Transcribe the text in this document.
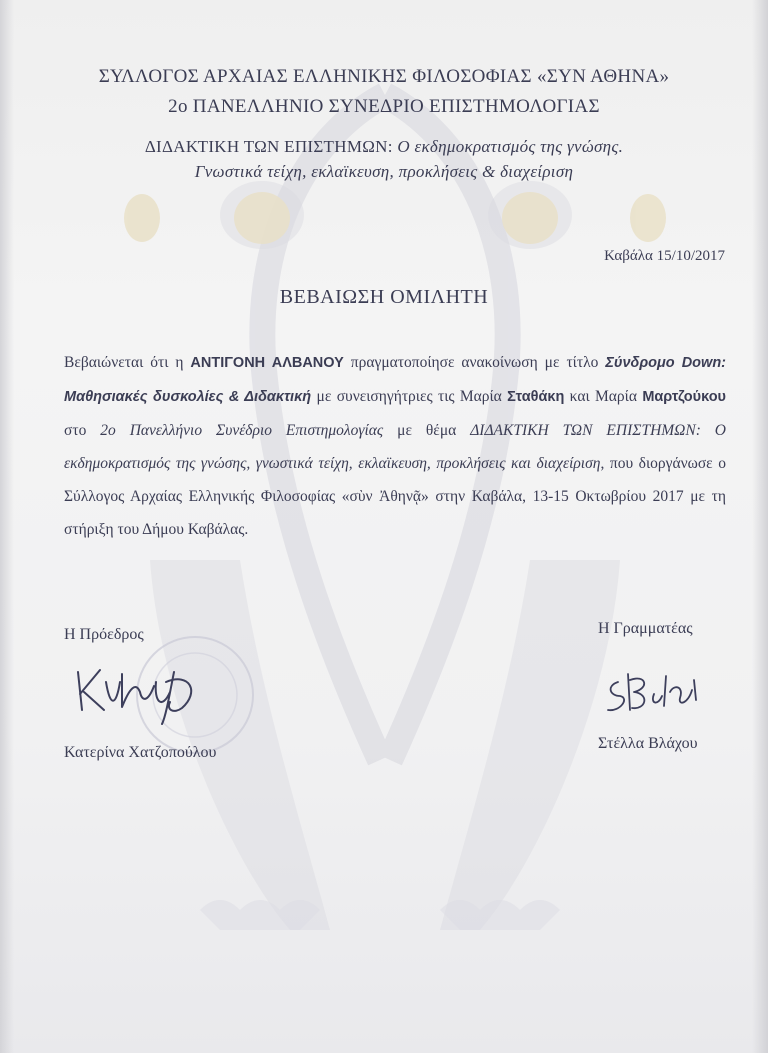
ΣΥΛΛΟΓΟΣ ΑΡΧΑΙΑΣ ΕΛΛΗΝΙΚΗΣ ΦΙΛΟΣΟΦΙΑΣ «ΣΥΝ ΑΘΗΝΑ»
2ο ΠΑΝΕΛΛΗΝΙΟ ΣΥΝΕΔΡΙΟ ΕΠΙΣΤΗΜΟΛΟΓΙΑΣ
ΔΙΔΑΚΤΙΚΗ ΤΩΝ ΕΠΙΣΤΗΜΩΝ: Ο εκδημοκρατισμός της γνώσης.
Γνωστικά τείχη, εκλαϊκευση, προκλήσεις & διαχείριση
Καβάλα 15/10/2017
ΒΕΒΑΙΩΣΗ ΟΜΙΛΗΤΗ
Βεβαιώνεται ότι η ΑΝΤΙΓΟΝΗ ΑΛΒΑΝΟΥ πραγματοποίησε ανακοίνωση με τίτλο Σύνδρομο Down: Μαθησιακές δυσκολίες & Διδακτική με συνεισηγήτριες τις Μαρία Σταθάκη και Μαρία Μαρτζούκου στο 2ο Πανελλήνιο Συνέδριο Επιστημολογίας με θέμα ΔΙΔΑΚΤΙΚΗ ΤΩΝ ΕΠΙΣΤΗΜΩΝ: Ο εκδημοκρατισμός της γνώσης, γνωστικά τείχη, εκλαϊκευση, προκλήσεις και διαχείριση, που διοργάνωσε ο Σύλλογος Αρχαίας Ελληνικής Φιλοσοφίας «σὺν Ἀθηνᾷ» στην Καβάλα, 13-15 Οκτωβρίου 2017 με τη στήριξη του Δήμου Καβάλας.
Η Πρόεδρος	Η Γραμματέας
Κατερίνα Χατζοπούλου
Στέλλα Βλάχου
